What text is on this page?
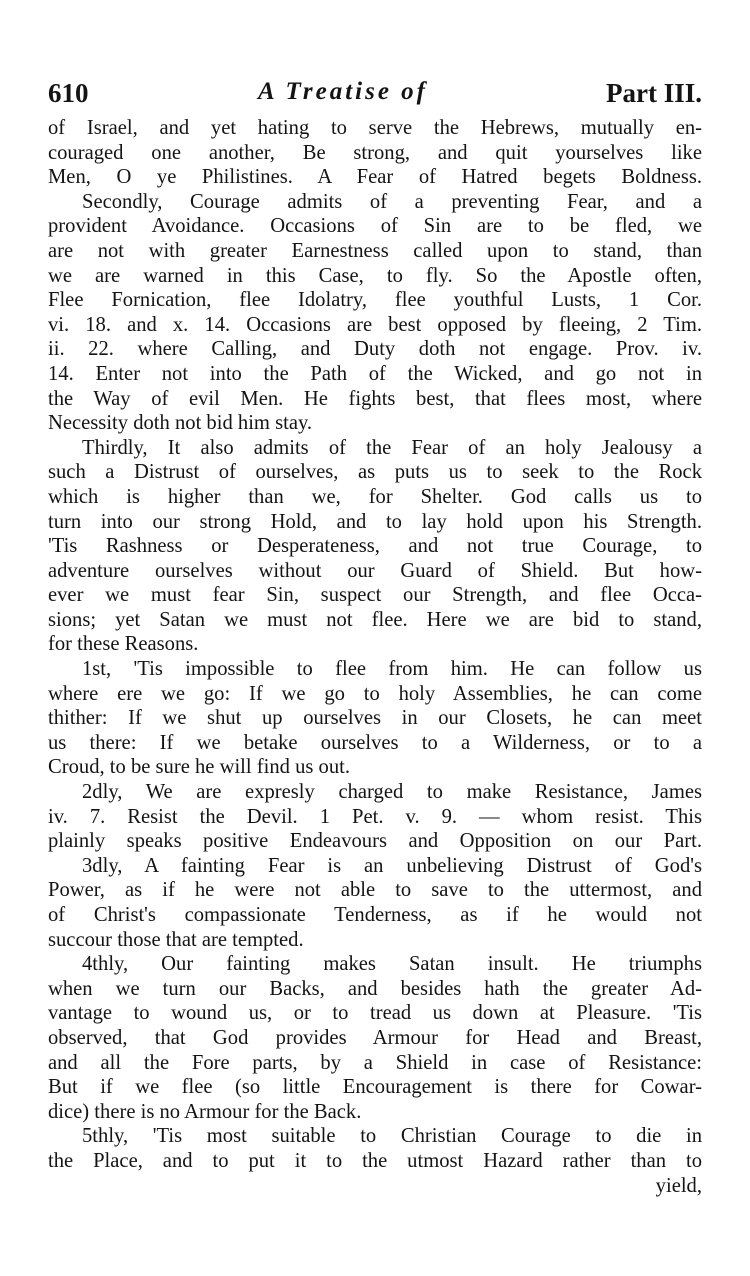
610	A Treatise of	Part III.
of Israel, and yet hating to serve the Hebrews, mutually en-
couraged one another, Be strong, and quit yourselves like
Men, O ye Philistines. A Fear of Hatred begets Boldness.
Secondly, Courage admits of a preventing Fear, and a
provident Avoidance. Occasions of Sin are to be fled, we
are not with greater Earnestness called upon to stand, than
we are warned in this Case, to fly. So the Apostle often,
Flee Fornication, flee Idolatry, flee youthful Lusts, 1 Cor.
vi. 18. and x. 14. Occasions are best opposed by fleeing, 2 Tim.
ii. 22. where Calling, and Duty doth not engage. Prov. iv.
14. Enter not into the Path of the Wicked, and go not in
the Way of evil Men. He fights best, that flees most, where
Necessity doth not bid him stay.
Thirdly, It also admits of the Fear of an holy Jealousy a
such a Distrust of ourselves, as puts us to seek to the Rock
which is higher than we, for Shelter. God calls us to
turn into our strong Hold, and to lay hold upon his Strength.
'Tis Rashness or Desperateness, and not true Courage, to
adventure ourselves without our Guard of Shield. But how-
ever we must fear Sin, suspect our Strength, and flee Occa-
sions; yet Satan we must not flee. Here we are bid to stand,
for these Reasons.
1st, 'Tis impossible to flee from him. He can follow us
where ere we go: If we go to holy Assemblies, he can come
thither: If we shut up ourselves in our Closets, he can meet
us there: If we betake ourselves to a Wilderness, or to a
Croud, to be sure he will find us out.
2dly, We are expresly charged to make Resistance, James
iv. 7. Resist the Devil. 1 Pet. v. 9. — whom resist. This
plainly speaks positive Endeavours and Opposition on our Part.
3dly, A fainting Fear is an unbelieving Distrust of God's
Power, as if he were not able to save to the uttermost, and
of Christ's compassionate Tenderness, as if he would not
succour those that are tempted.
4thly, Our fainting makes Satan insult. He triumphs
when we turn our Backs, and besides hath the greater Ad-
vantage to wound us, or to tread us down at Pleasure. 'Tis
observed, that God provides Armour for Head and Breast,
and all the Fore parts, by a Shield in case of Resistance:
But if we flee (so little Encouragement is there for Cowar-
dice) there is no Armour for the Back.
5thly, 'Tis most suitable to Christian Courage to die in
the Place, and to put it to the utmost Hazard rather than to
yield,
